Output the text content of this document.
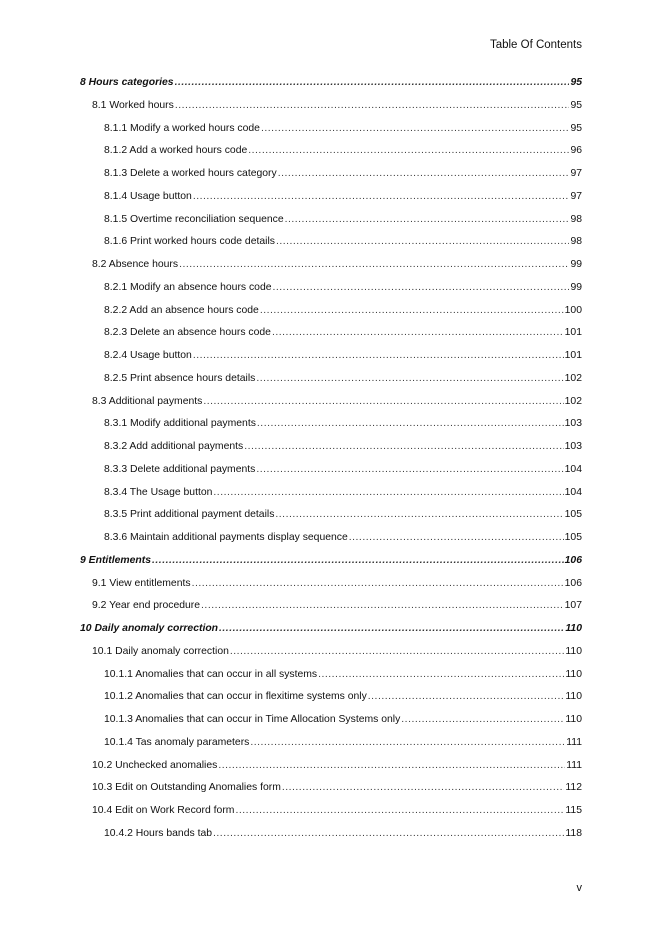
Table Of Contents
8 Hours categories .....	95
8.1 Worked hours .....	95
8.1.1 Modify a worked hours code .....	95
8.1.2 Add a worked hours code .....	96
8.1.3 Delete a worked hours category .....	97
8.1.4 Usage button .....	97
8.1.5 Overtime reconciliation sequence .....	98
8.1.6 Print worked hours code details .....	98
8.2 Absence hours .....	99
8.2.1 Modify an absence hours code .....	99
8.2.2 Add an absence hours code .....	100
8.2.3 Delete an absence hours code .....	101
8.2.4 Usage button .....	101
8.2.5 Print absence hours details .....	102
8.3 Additional payments .....	102
8.3.1 Modify additional payments .....	103
8.3.2 Add additional payments .....	103
8.3.3 Delete additional payments .....	104
8.3.4 The Usage button .....	104
8.3.5 Print additional payment details .....	105
8.3.6 Maintain additional payments display sequence .....	105
9 Entitlements .....	106
9.1 View entitlements .....	106
9.2 Year end procedure .....	107
10 Daily anomaly correction .....	110
10.1 Daily anomaly correction .....	110
10.1.1 Anomalies that can occur in all systems .....	110
10.1.2 Anomalies that can occur in flexitime systems only .....	110
10.1.3 Anomalies that can occur in Time Allocation Systems only .....	110
10.1.4 Tas anomaly parameters .....	111
10.2 Unchecked anomalies .....	111
10.3 Edit on Outstanding Anomalies form .....	112
10.4 Edit on Work Record form .....	115
10.4.2 Hours bands tab .....	118
v
